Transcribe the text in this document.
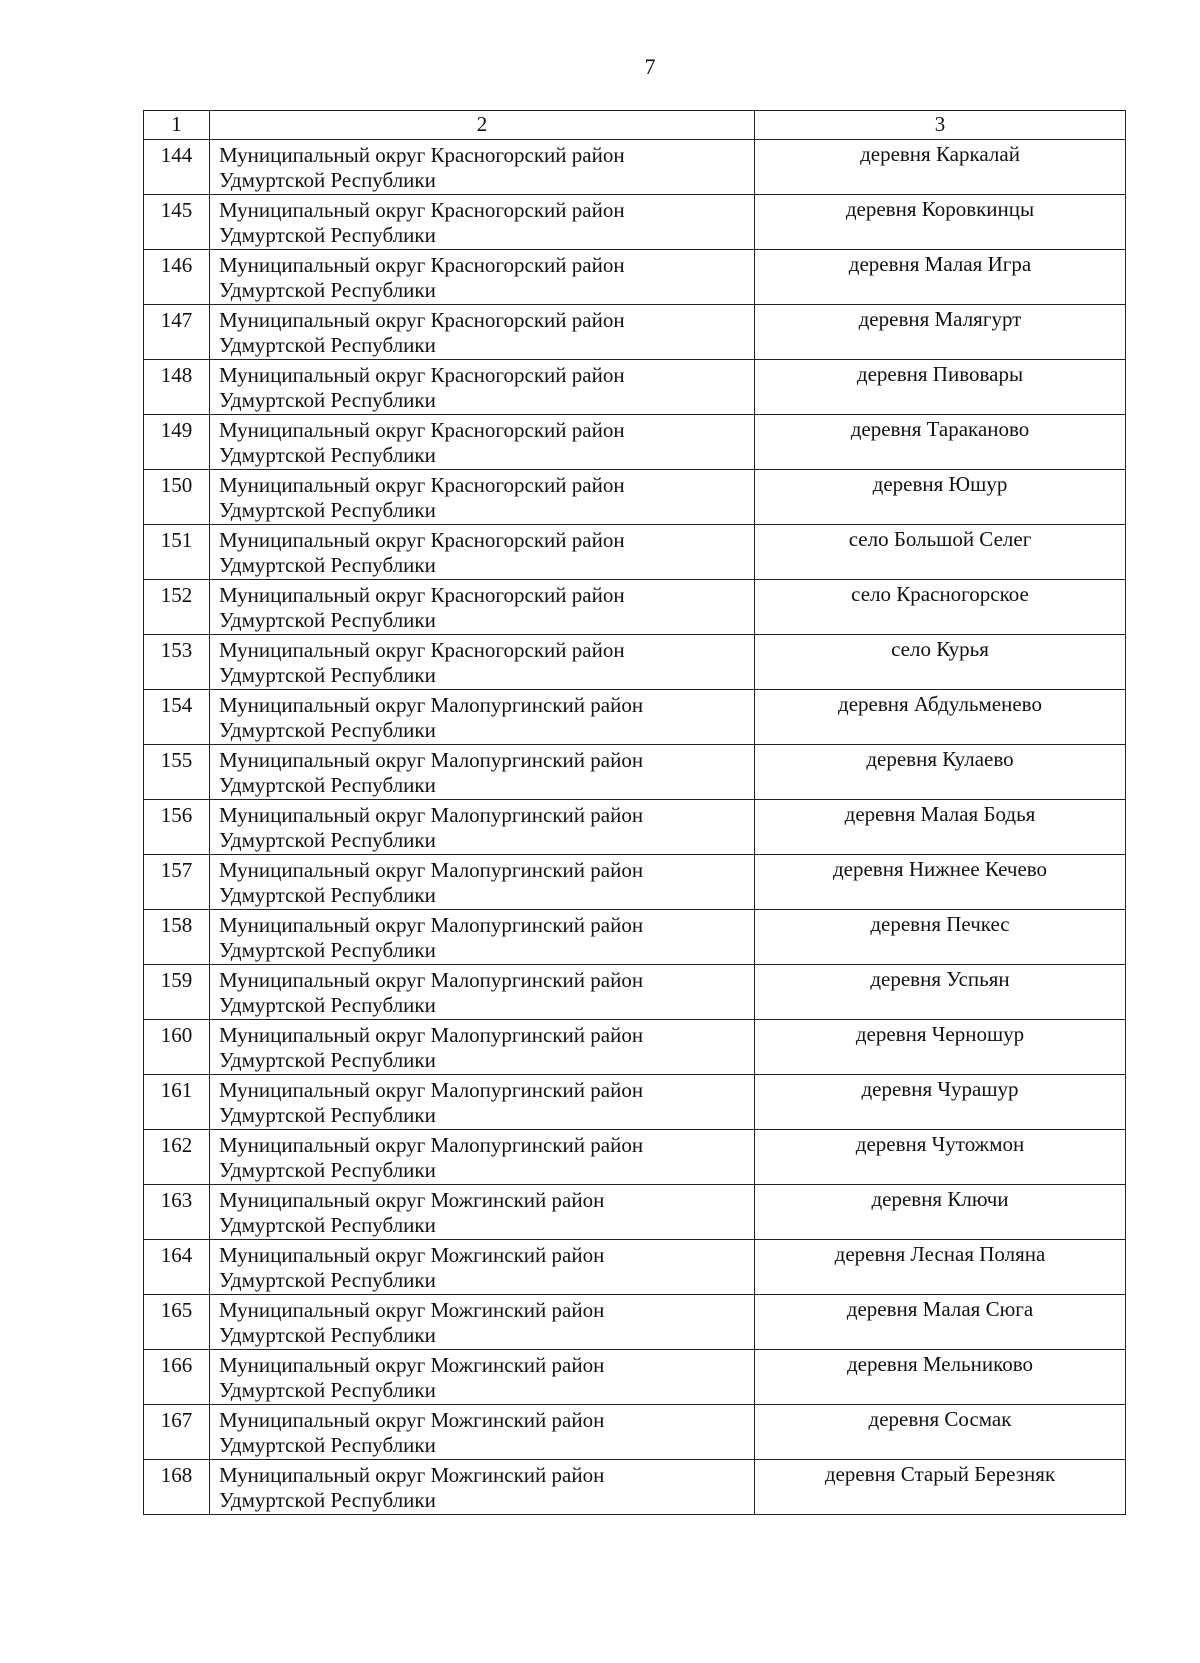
7
1	2	3
144	Муниципальный округ Красногорский район
Удмуртской Республики	деревня Каркалай
145	Муниципальный округ Красногорский район
Удмуртской Республики	деревня Коровкинцы
146	Муниципальный округ Красногорский район
Удмуртской Республики	деревня Малая Игра
147	Муниципальный округ Красногорский район
Удмуртской Республики	деревня Малягурт
148	Муниципальный округ Красногорский район
Удмуртской Республики	деревня Пивовары
149	Муниципальный округ Красногорский район
Удмуртской Республики	деревня Тараканово
150	Муниципальный округ Красногорский район
Удмуртской Республики	деревня Юшур
151	Муниципальный округ Красногорский район
Удмуртской Республики	село Большой Селег
152	Муниципальный округ Красногорский район
Удмуртской Республики	село Красногорское
153	Муниципальный округ Красногорский район
Удмуртской Республики	село Курья
154	Муниципальный округ Малопургинский район
Удмуртской Республики	деревня Абдульменево
155	Муниципальный округ Малопургинский район
Удмуртской Республики	деревня Кулаево
156	Муниципальный округ Малопургинский район
Удмуртской Республики	деревня Малая Бодья
157	Муниципальный округ Малопургинский район
Удмуртской Республики	деревня Нижнее Кечево
158	Муниципальный округ Малопургинский район
Удмуртской Республики	деревня Печкес
159	Муниципальный округ Малопургинский район
Удмуртской Республики	деревня Успьян
160	Муниципальный округ Малопургинский район
Удмуртской Республики	деревня Черношур
161	Муниципальный округ Малопургинский район
Удмуртской Республики	деревня Чурашур
162	Муниципальный округ Малопургинский район
Удмуртской Республики	деревня Чутожмон
163	Муниципальный округ Можгинский район
Удмуртской Республики	деревня Ключи
164	Муниципальный округ Можгинский район
Удмуртской Республики	деревня Лесная Поляна
165	Муниципальный округ Можгинский район
Удмуртской Республики	деревня Малая Сюга
166	Муниципальный округ Можгинский район
Удмуртской Республики	деревня Мельниково
167	Муниципальный округ Можгинский район
Удмуртской Республики	деревня Сосмак
168	Муниципальный округ Можгинский район
Удмуртской Республики	деревня Старый Березняк
